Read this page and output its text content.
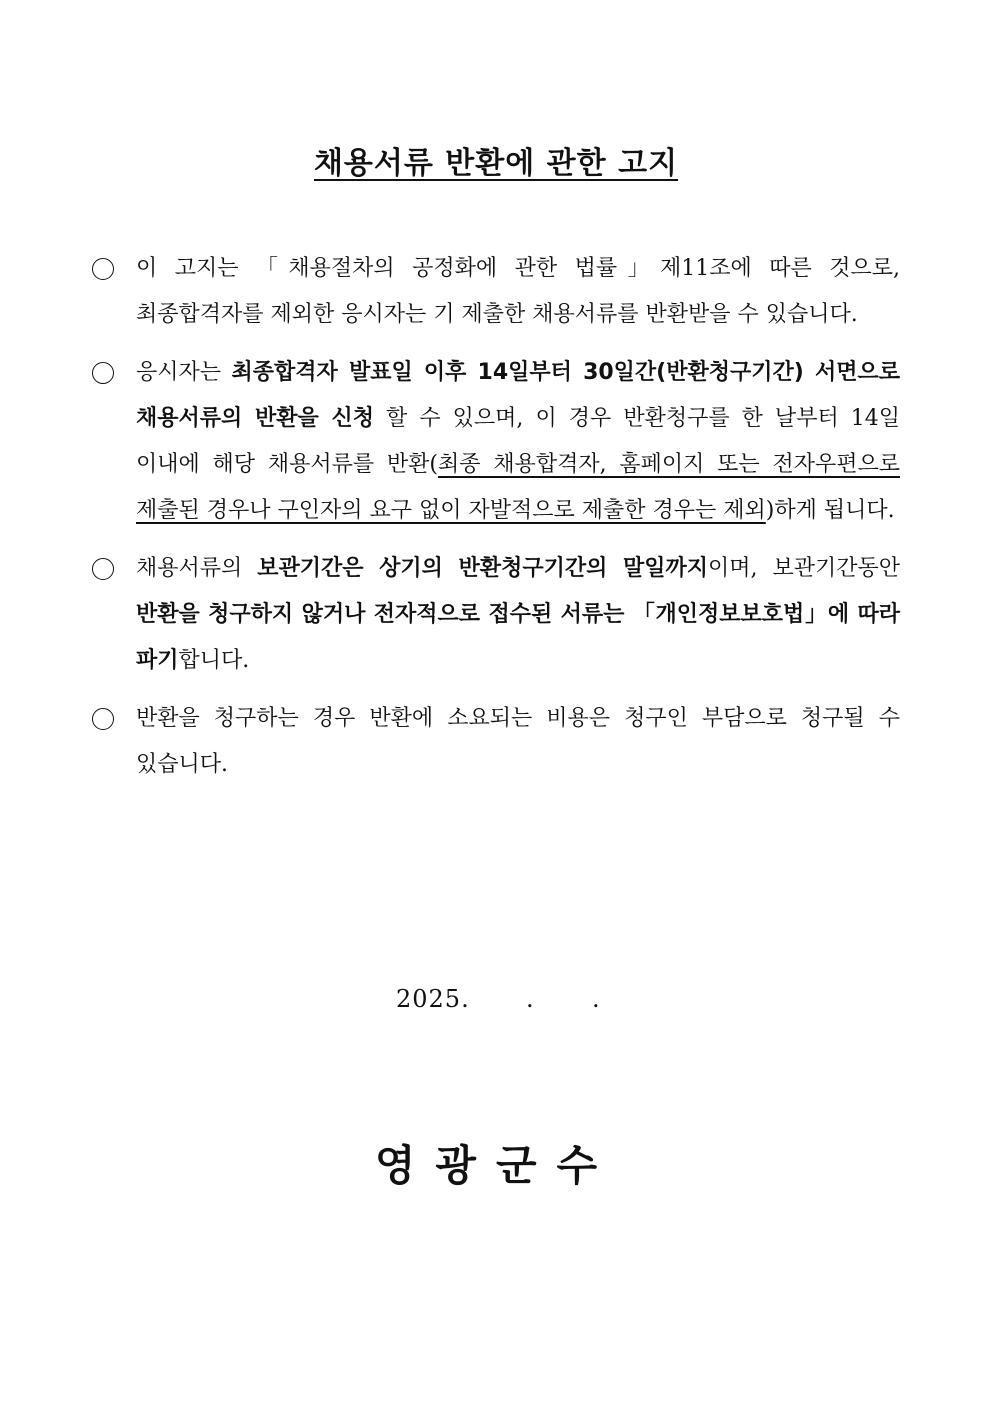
채용서류 반환에 관한 고지
이 고지는 「채용절차의 공정화에 관한 법률」제11조에 따른 것으로, 최종합격자를 제외한 응시자는 기 제출한 채용서류를 반환받을 수 있습니다.
응시자는 최종합격자 발표일 이후 14일부터 30일간(반환청구기간) 서면으로 채용서류의 반환을 신청 할 수 있으며, 이 경우 반환청구를 한 날부터 14일 이내에 해당 채용서류를 반환(최종 채용합격자, 홈페이지 또는 전자우편으로 제출된 경우나 구인자의 요구 없이 자발적으로 제출한 경우는 제외)하게 됩니다.
채용서류의 보관기간은 상기의 반환청구기간의 말일까지이며, 보관기간동안 반환을 청구하지 않거나 전자적으로 접수된 서류는 「개인정보보호법」에 따라 파기합니다.
반환을 청구하는 경우 반환에 소요되는 비용은 청구인 부담으로 청구될 수 있습니다.
2025. . .
영광군수
